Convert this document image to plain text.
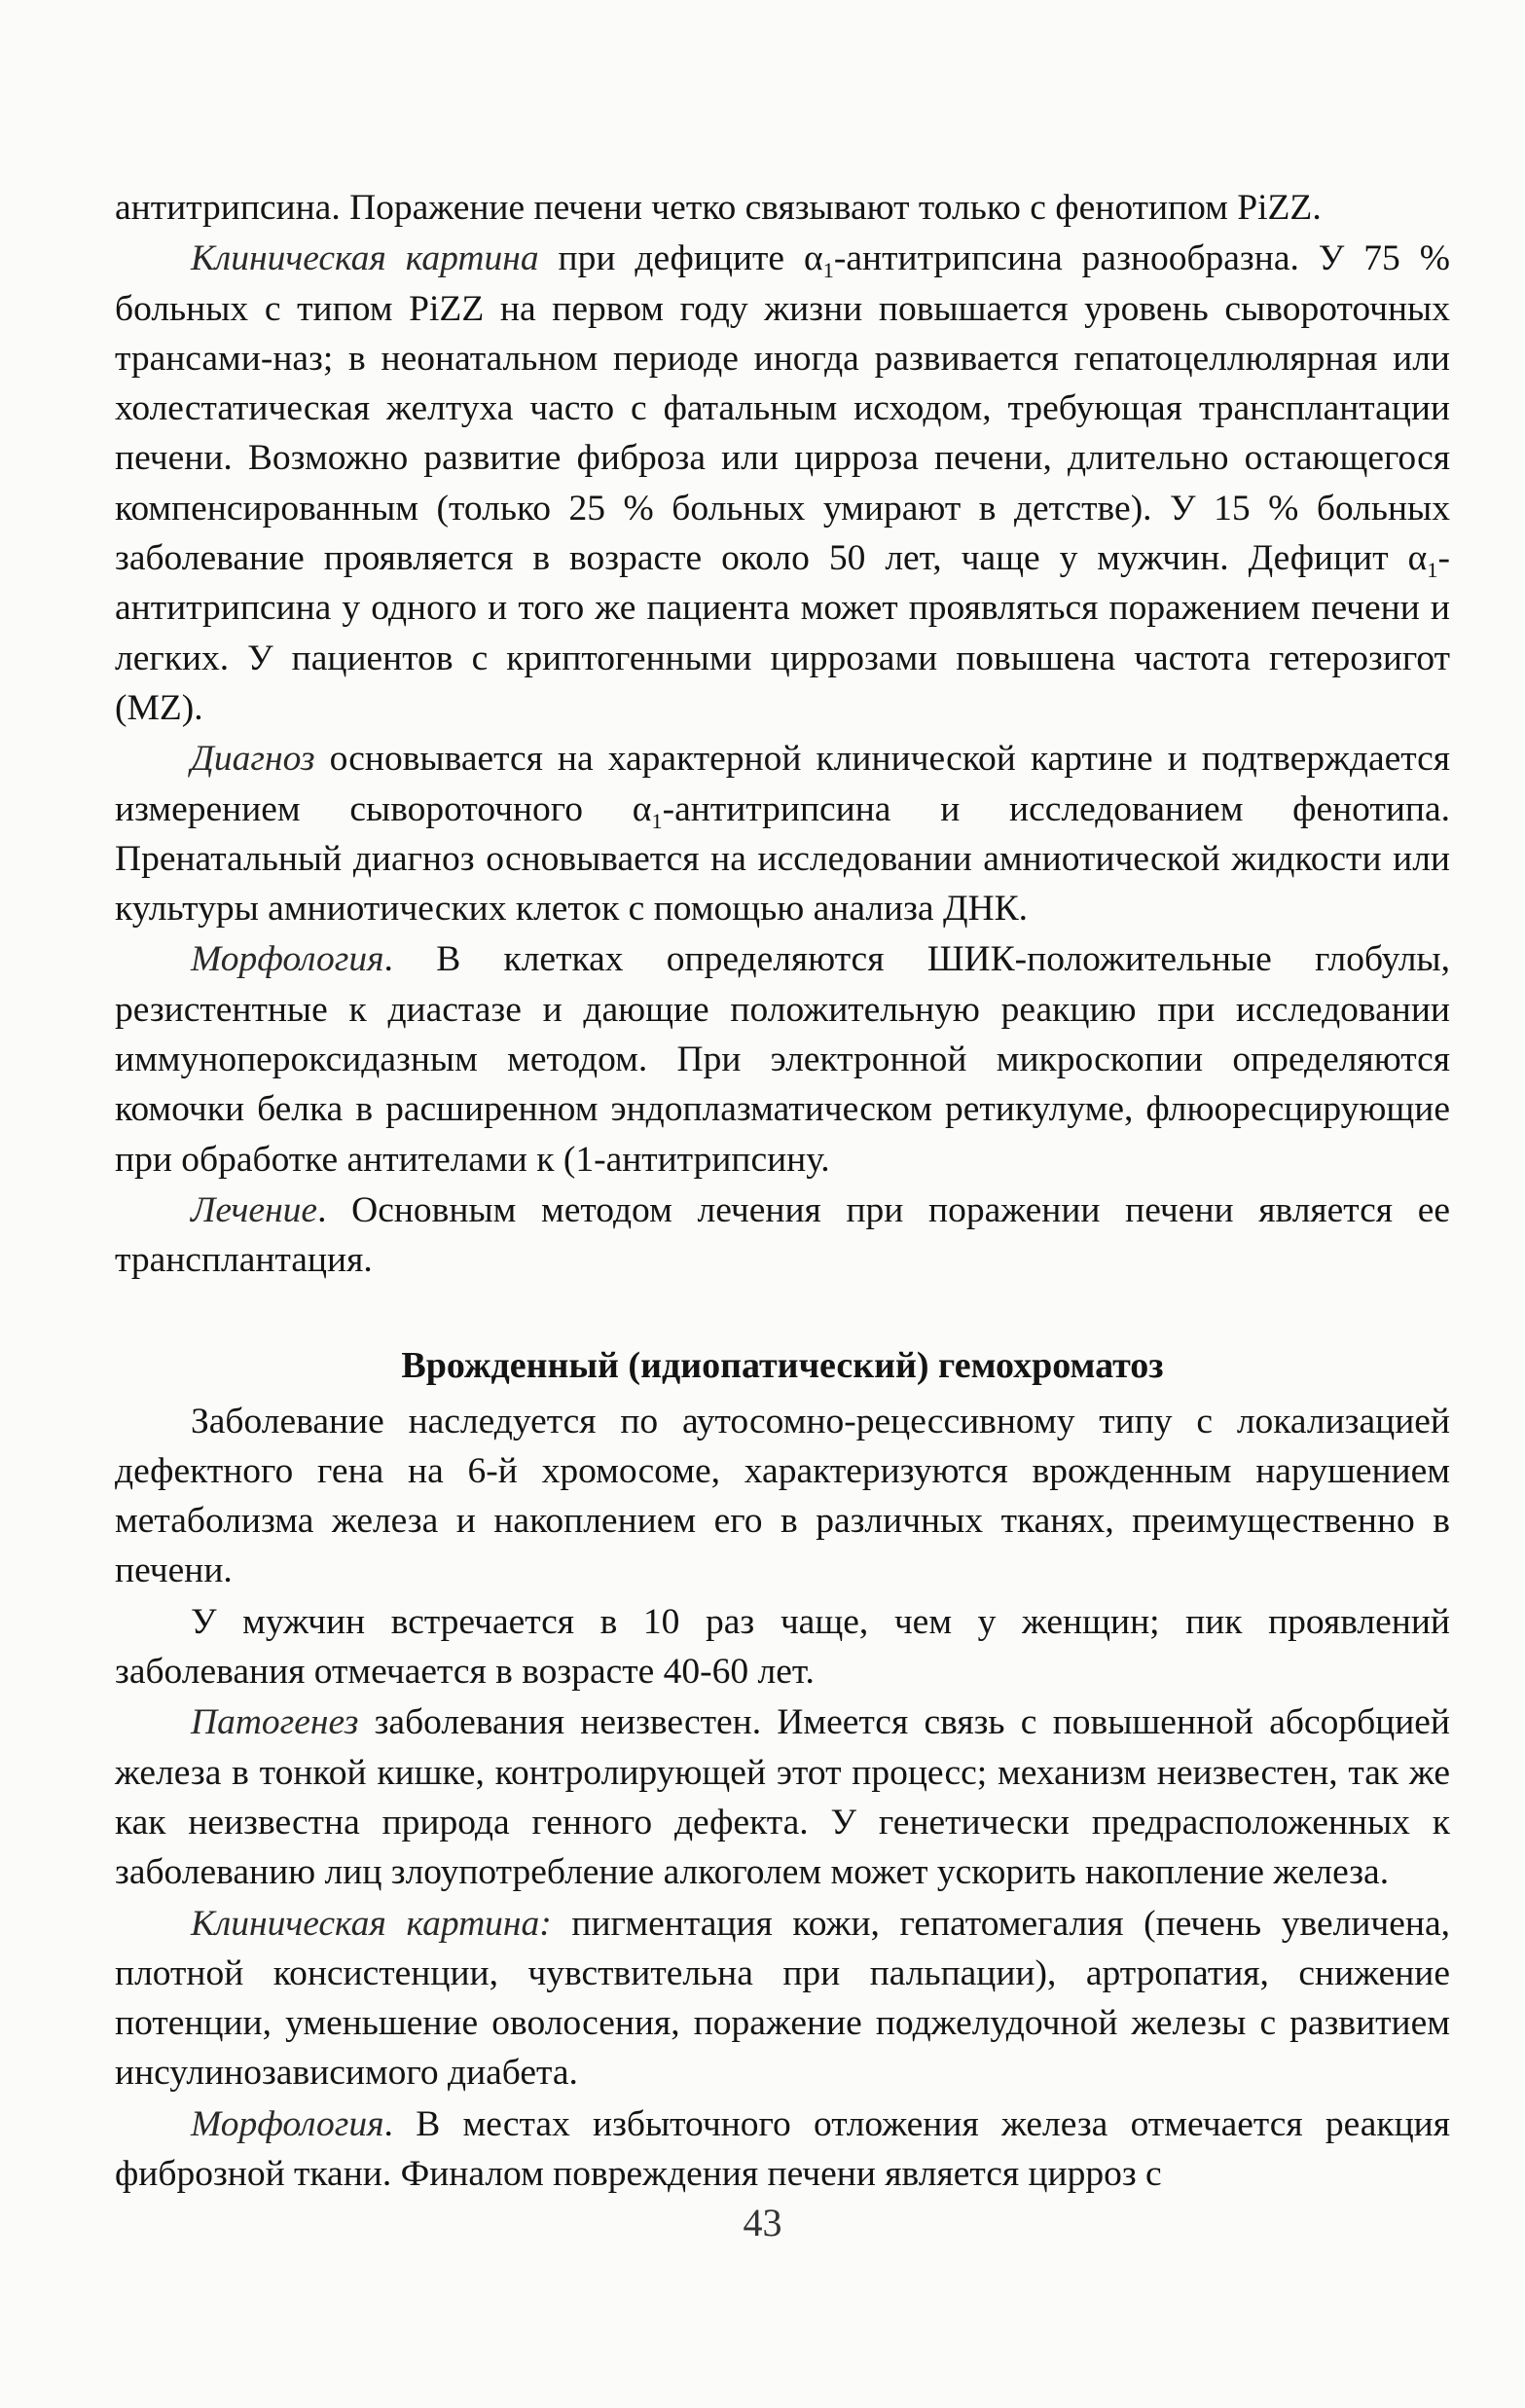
антитрипсина. Поражение печени четко связывают только с фенотипом PiZZ.

Клиническая картина при дефиците $\alpha_1$-антитрипсина разнообразна. У 75 % больных с типом PiZZ на первом году жизни повышается уровень сывороточных трансами-наз; в неонатальном периоде иногда развивается гепатоцеллюлярная или холестатическая желтуха часто с фатальным исходом, требующая трансплантации печени. Возможно развитие фиброза или цирроза печени, длительно остающегося компенсированным (только 25 % больных умирают в детстве). У 15 % больных заболевание проявляется в возрасте около 50 лет, чаще у мужчин. Дефицит $\alpha_1$-антитрипсина у одного и того же пациента может проявляться поражением печени и легких. У пациентов с криптогенными циррозами повышена частота гетерозигот (MZ).

Диагноз основывается на характерной клинической картине и подтверждается измерением сывороточного $\alpha_1$-антитрипсина и исследованием фенотипа. Пренатальный диагноз основывается на исследовании амниотической жидкости или культуры амниотических клеток с помощью анализа ДНК.

Морфология. В клетках определяются ШИК-положительные глобулы, резистентные к диастазе и дающие положительную реакцию при исследовании иммунопероксидазным методом. При электронной микроскопии определяются комочки белка в расширенном эндоплазматическом ретикулуме, флюоресцирующие при обработке антителами к (1-антитрипсину.

Лечение. Основным методом лечения при поражении печени является ее трансплантация.

Врожденный (идиопатический) гемохроматоз

Заболевание наследуется по аутосомно-рецессивному типу с локализацией дефектного гена на 6-й хромосоме, характеризуются врожденным нарушением метаболизма железа и накоплением его в различных тканях, преимущественно в печени.

У мужчин встречается в 10 раз чаще, чем у женщин; пик проявлений заболевания отмечается в возрасте 40-60 лет.

Патогенез заболевания неизвестен. Имеется связь с повышенной абсорбцией железа в тонкой кишке, контролирующей этот процесс; механизм неизвестен, так же как неизвестна природа генного дефекта. У генетически предрасположенных к заболеванию лиц злоупотребление алкоголем может ускорить накопление железа.

Клиническая картина: пигментация кожи, гепатомегалия (печень увеличена, плотной консистенции, чувствительна при пальпации), артропатия, снижение потенции, уменьшение оволосения, поражение поджелудочной железы с развитием инсулинозависимого диабета.

Морфология. В местах избыточного отложения железа отмечается реакция фиброзной ткани. Финалом повреждения печени является цирроз с

43
